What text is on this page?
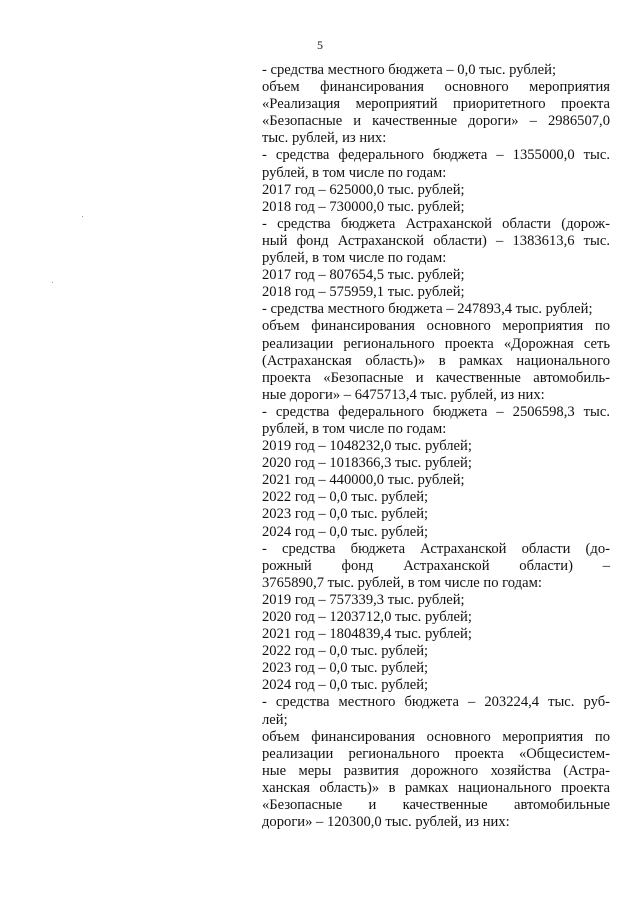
5
- средства местного бюджета – 0,0 тыс. рублей;
объем финансирования основного мероприятия
«Реализация мероприятий приоритетного проекта
«Безопасные и качественные дороги» – 2986507,0
тыс. рублей, из них:
- средства федерального бюджета – 1355000,0 тыс.
рублей, в том числе по годам:
2017 год – 625000,0 тыс. рублей;
2018 год – 730000,0 тыс. рублей;
- средства бюджета Астраханской области (дорож-
ный фонд Астраханской области) – 1383613,6 тыс.
рублей, в том числе по годам:
2017 год – 807654,5 тыс. рублей;
2018 год – 575959,1 тыс. рублей;
- средства местного бюджета – 247893,4 тыс. рублей;
объем финансирования основного мероприятия по
реализации регионального проекта «Дорожная сеть
(Астраханская область)» в рамках национального
проекта «Безопасные и качественные автомобиль-
ные дороги» – 6475713,4 тыс. рублей, из них:
- средства федерального бюджета – 2506598,3 тыс.
рублей, в том числе по годам:
2019 год – 1048232,0 тыс. рублей;
2020 год – 1018366,3 тыс. рублей;
2021 год – 440000,0 тыс. рублей;
2022 год – 0,0 тыс. рублей;
2023 год – 0,0 тыс. рублей;
2024 год – 0,0 тыс. рублей;
- средства бюджета Астраханской области (до-
рожный фонд Астраханской области) –
3765890,7 тыс. рублей, в том числе по годам:
2019 год – 757339,3 тыс. рублей;
2020 год – 1203712,0 тыс. рублей;
2021 год – 1804839,4 тыс. рублей;
2022 год – 0,0 тыс. рублей;
2023 год – 0,0 тыс. рублей;
2024 год – 0,0 тыс. рублей;
- средства местного бюджета – 203224,4 тыс. руб-
лей;
объем финансирования основного мероприятия по
реализации регионального проекта «Общесистем-
ные меры развития дорожного хозяйства (Астра-
ханская область)» в рамках национального проекта
«Безопасные и качественные автомобильные
дороги» – 120300,0 тыс. рублей, из них:
